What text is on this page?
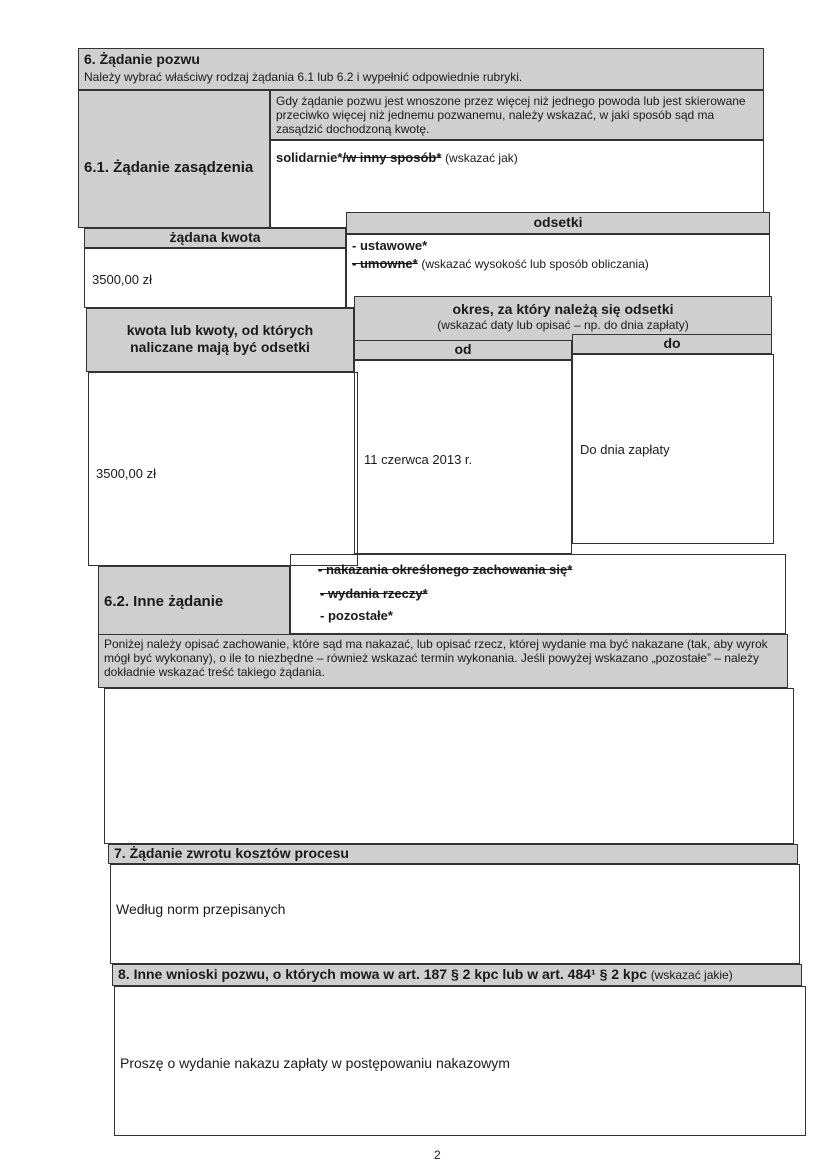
6. Żądanie pozwu
Należy wybrać właściwy rodzaj żądania 6.1 lub 6.2 i wypełnić odpowiednie rubryki.
6.1. Żądanie zasądzenia
Gdy żądanie pozwu jest wnoszone przez więcej niż jednego powoda lub jest skierowane przeciwko więcej niż jednemu pozwanemu, należy wskazać, w jaki sposób sąd ma zasądzić dochodzoną kwotę.
solidarnie*/w inny sposób* (wskazać jak)
żądana kwota
odsetki
3500,00 zł
- ustawowe*
- umowne* (wskazać wysokość lub sposób obliczania)
kwota lub kwoty, od których naliczane mają być odsetki
okres, za który należą się odsetki
(wskazać daty lub opisać – np. do dnia zapłaty)
od	do
3500,00 zł
11 czerwca 2013 r.
Do dnia zapłaty
6.2. Inne żądanie
- nakazania określonego zachowania się*
- wydania rzeczy*
- pozostałe*
Poniżej należy opisać zachowanie, które sąd ma nakazać, lub opisać rzecz, której wydanie ma być nakazane (tak, aby wyrok mógł być wykonany), o ile to niezbędne – również wskazać termin wykonania. Jeśli powyżej wskazano „pozostałe” – należy dokładnie wskazać treść takiego żądania.
7. Żądanie zwrotu kosztów procesu
Według norm przepisanych
8. Inne wnioski pozwu, o których mowa w art. 187 § 2 kpc lub w art. 484¹ § 2 kpc (wskazać jakie)
Proszę o wydanie nakazu zapłaty w postępowaniu nakazowym
2
